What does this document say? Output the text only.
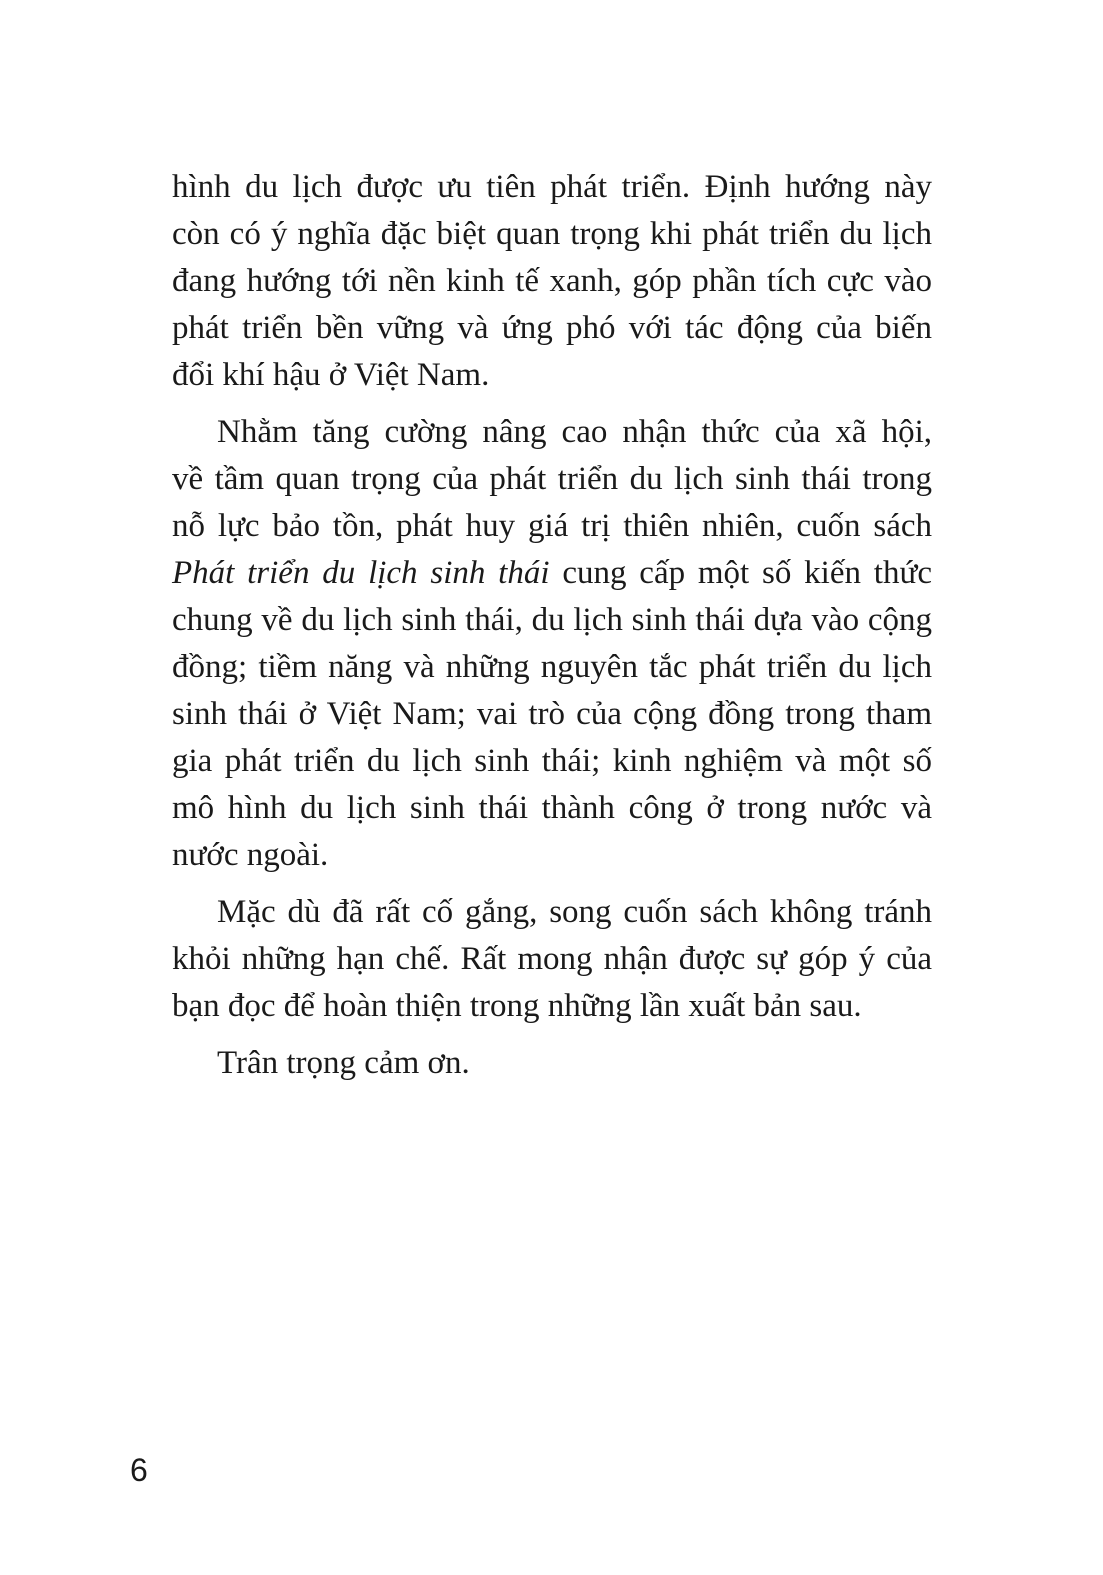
hình du lịch được ưu tiên phát triển. Định hướng này
còn có ý nghĩa đặc biệt quan trọng khi phát triển du lịch
đang hướng tới nền kinh tế xanh, góp phần tích cực vào
phát triển bền vững và ứng phó với tác động của biến
đổi khí hậu ở Việt Nam.
Nhằm tăng cường nâng cao nhận thức của xã hội,
về tầm quan trọng của phát triển du lịch sinh thái trong
nỗ lực bảo tồn, phát huy giá trị thiên nhiên, cuốn sách
Phát triển du lịch sinh thái cung cấp một số kiến thức
chung về du lịch sinh thái, du lịch sinh thái dựa vào cộng
đồng; tiềm năng và những nguyên tắc phát triển du lịch
sinh thái ở Việt Nam; vai trò của cộng đồng trong tham
gia phát triển du lịch sinh thái; kinh nghiệm và một số
mô hình du lịch sinh thái thành công ở trong nước và
nước ngoài.
Mặc dù đã rất cố gắng, song cuốn sách không tránh
khỏi những hạn chế. Rất mong nhận được sự góp ý của
bạn đọc để hoàn thiện trong những lần xuất bản sau.
Trân trọng cảm ơn.
6
